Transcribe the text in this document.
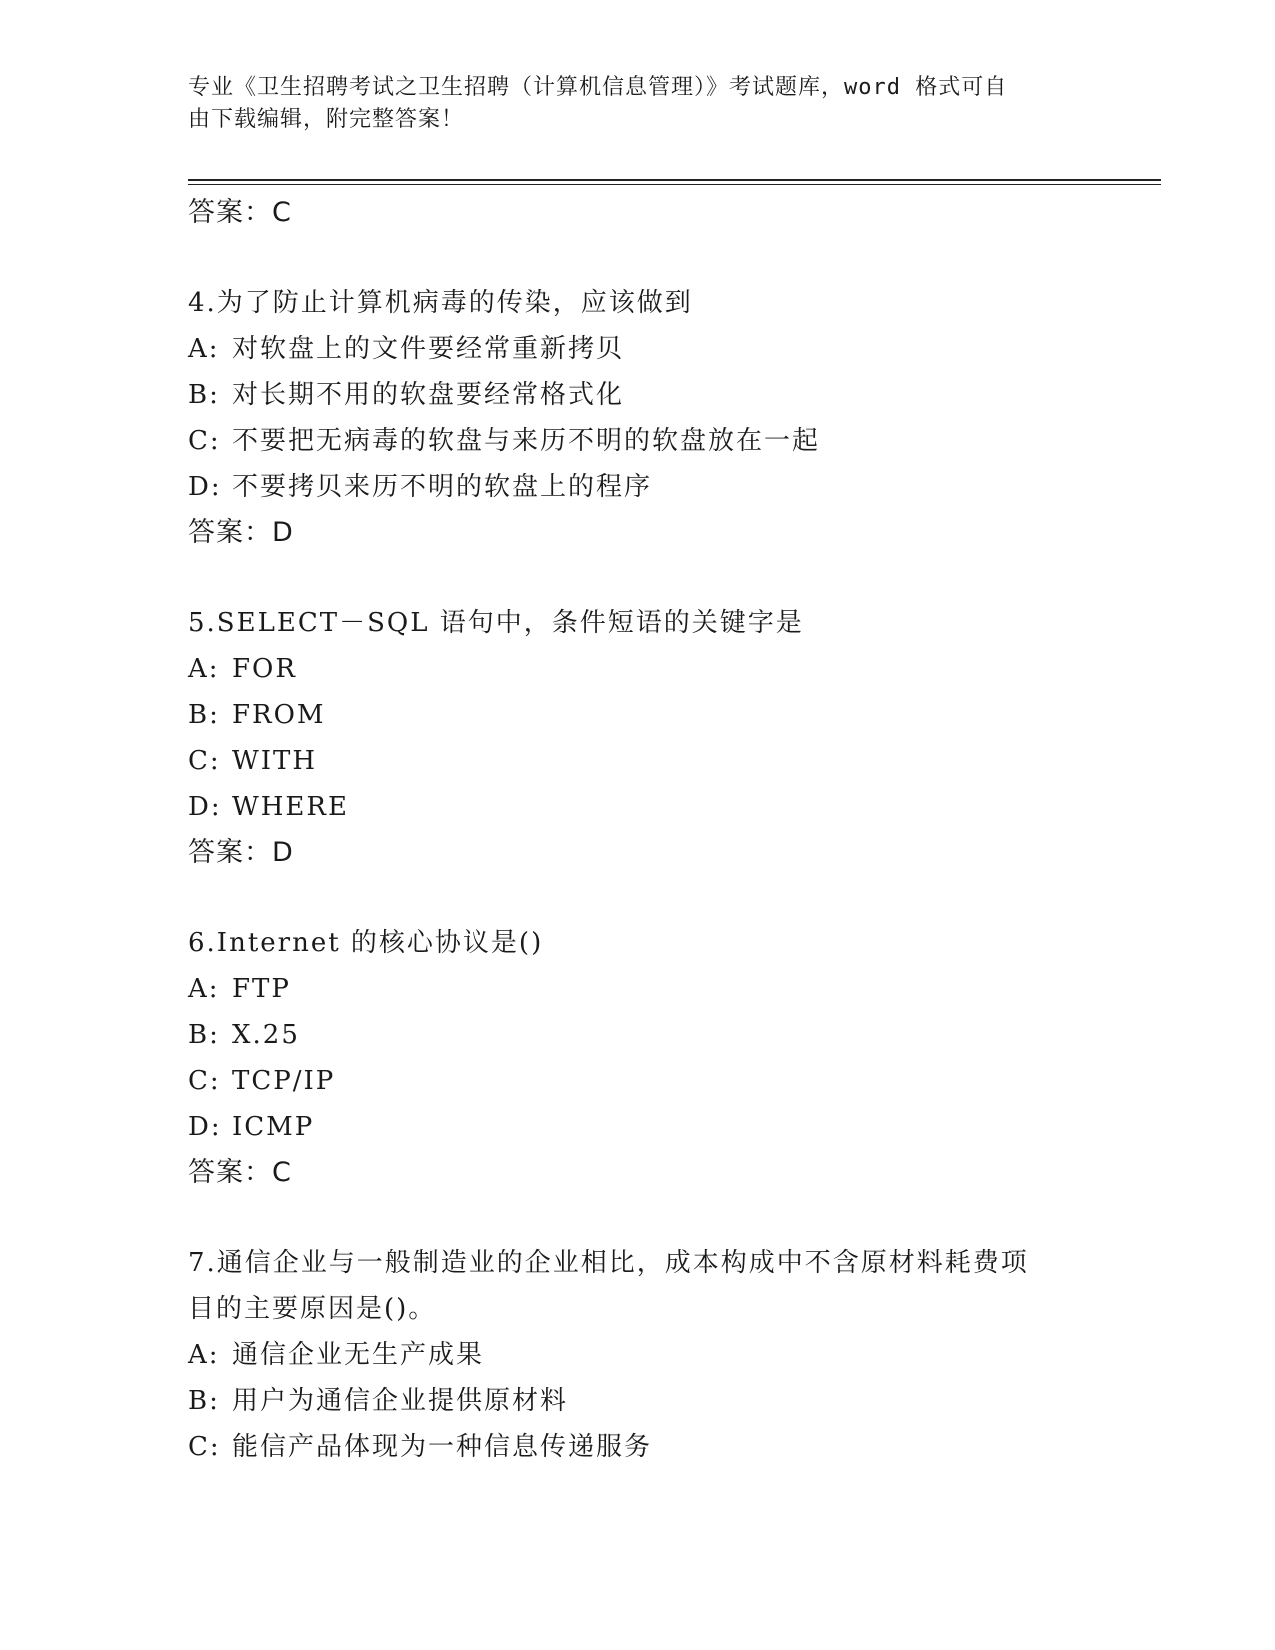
专业《卫生招聘考试之卫生招聘（计算机信息管理）》考试题库，word 格式可自
由下载编辑，附完整答案！
答案：C
4.为了防止计算机病毒的传染，应该做到
A: 对软盘上的文件要经常重新拷贝
B: 对长期不用的软盘要经常格式化
C: 不要把无病毒的软盘与来历不明的软盘放在一起
D: 不要拷贝来历不明的软盘上的程序
答案：D
5.SELECT－SQL 语句中，条件短语的关键字是
A: FOR
B: FROM
C: WITH
D: WHERE
答案：D
6.Internet 的核心协议是()
A: FTP
B: X.25
C: TCP/IP
D: ICMP
答案：C
7.通信企业与一般制造业的企业相比，成本构成中不含原材料耗费项
目的主要原因是()。
A: 通信企业无生产成果
B: 用户为通信企业提供原材料
C: 能信产品体现为一种信息传递服务
